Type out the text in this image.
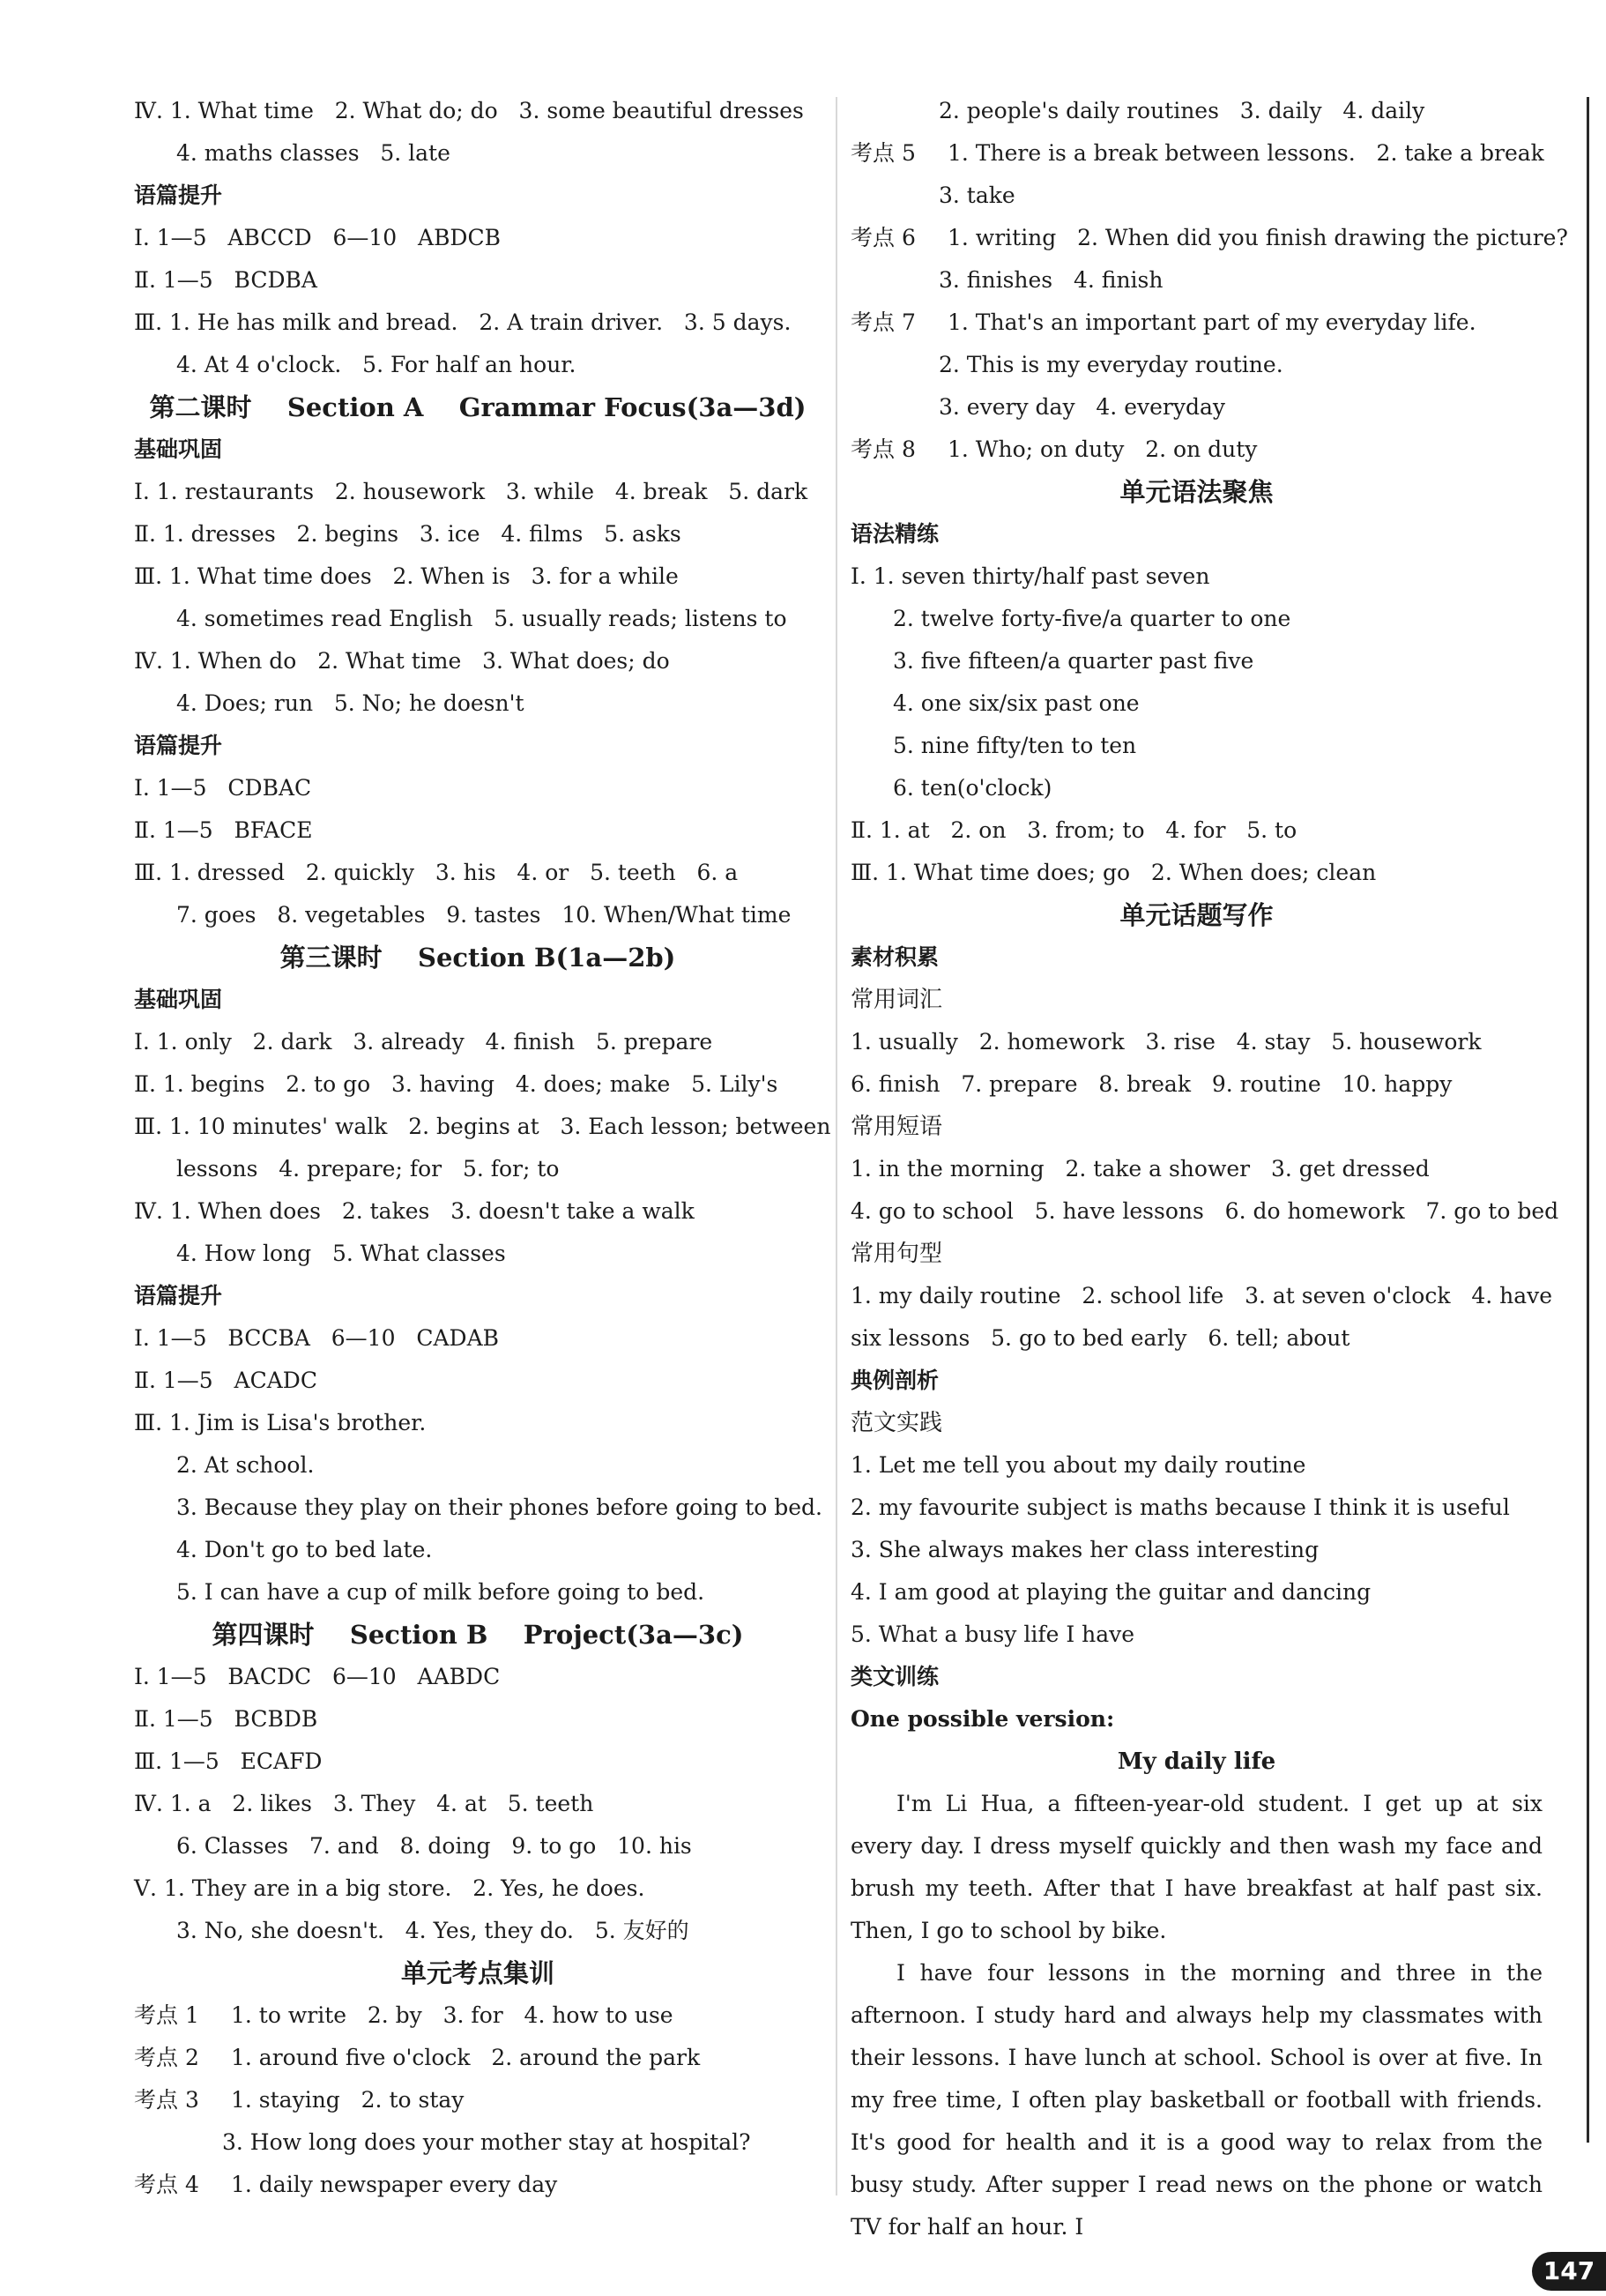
Ⅳ. 1. What time   2. What do; do   3. some beautiful dresses
4. maths classes   5. late
语篇提升
Ⅰ. 1—5   ABCCD   6—10   ABDCB
Ⅱ. 1—5   BCDBA
Ⅲ. 1. He has milk and bread.   2. A train driver.   3. 5 days.
4. At 4 o'clock.   5. For half an hour.
第二课时    Section A    Grammar Focus(3a—3d)
基础巩固
Ⅰ. 1. restaurants   2. housework   3. while   4. break   5. dark
Ⅱ. 1. dresses   2. begins   3. ice   4. films   5. asks
Ⅲ. 1. What time does   2. When is   3. for a while
4. sometimes read English   5. usually reads; listens to
Ⅳ. 1. When do   2. What time   3. What does; do
4. Does; run   5. No; he doesn't
语篇提升
Ⅰ. 1—5   CDBAC
Ⅱ. 1—5   BFACE
Ⅲ. 1. dressed   2. quickly   3. his   4. or   5. teeth   6. a
7. goes   8. vegetables   9. tastes   10. When/What time
第三课时    Section B(1a—2b)
基础巩固
Ⅰ. 1. only   2. dark   3. already   4. finish   5. prepare
Ⅱ. 1. begins   2. to go   3. having   4. does; make   5. Lily's
Ⅲ. 1. 10 minutes' walk   2. begins at   3. Each lesson; between
lessons   4. prepare; for   5. for; to
Ⅳ. 1. When does   2. takes   3. doesn't take a walk
4. How long   5. What classes
语篇提升
Ⅰ. 1—5   BCCBA   6—10   CADAB
Ⅱ. 1—5   ACADC
Ⅲ. 1. Jim is Lisa's brother.
2. At school.
3. Because they play on their phones before going to bed.
4. Don't go to bed late.
5. I can have a cup of milk before going to bed.
第四课时    Section B    Project(3a—3c)
Ⅰ. 1—5   BACDC   6—10   AABDC
Ⅱ. 1—5   BCBDB
Ⅲ. 1—5   ECAFD
Ⅳ. 1. a   2. likes   3. They   4. at   5. teeth
6. Classes   7. and   8. doing   9. to go   10. his
Ⅴ. 1. They are in a big store.   2. Yes, he does.
3. No, she doesn't.   4. Yes, they do.   5. 友好的
单元考点集训
考点 1 1. to write   2. by   3. for   4. how to use
考点 2 1. around five o'clock   2. around the park
考点 3 1. staying   2. to stay
3. How long does your mother stay at hospital?
考点 4 1. daily newspaper every day
2. people's daily routines   3. daily   4. daily
考点 5 1. There is a break between lessons.   2. take a break
3. take
考点 6 1. writing   2. When did you finish drawing the picture?
3. finishes   4. finish
考点 7 1. That's an important part of my everyday life.
2. This is my everyday routine.
3. every day   4. everyday
考点 8 1. Who; on duty   2. on duty
单元语法聚焦
语法精练
Ⅰ. 1. seven thirty/half past seven
2. twelve forty-five/a quarter to one
3. five fifteen/a quarter past five
4. one six/six past one
5. nine fifty/ten to ten
6. ten(o'clock)
Ⅱ. 1. at   2. on   3. from; to   4. for   5. to
Ⅲ. 1. What time does; go   2. When does; clean
单元话题写作
素材积累
常用词汇
1. usually   2. homework   3. rise   4. stay   5. housework
6. finish   7. prepare   8. break   9. routine   10. happy
常用短语
1. in the morning   2. take a shower   3. get dressed
4. go to school   5. have lessons   6. do homework   7. go to bed
常用句型
1. my daily routine   2. school life   3. at seven o'clock   4. have
six lessons   5. go to bed early   6. tell; about
典例剖析
范文实践
1. Let me tell you about my daily routine
2. my favourite subject is maths because I think it is useful
3. She always makes her class interesting
4. I am good at playing the guitar and dancing
5. What a busy life I have
类文训练
One possible version:
My daily life
I'm Li Hua, a fifteen-year-old student. I get up at six every day. I dress myself quickly and then wash my face and brush my teeth. After that I have breakfast at half past six. Then, I go to school by bike.
I have four lessons in the morning and three in the afternoon. I study hard and always help my classmates with their lessons. I have lunch at school. School is over at five. In my free time, I often play basketball or football with friends. It's good for health and it is a good way to relax from the busy study. After supper I read news on the phone or watch TV for half an hour. I
147
